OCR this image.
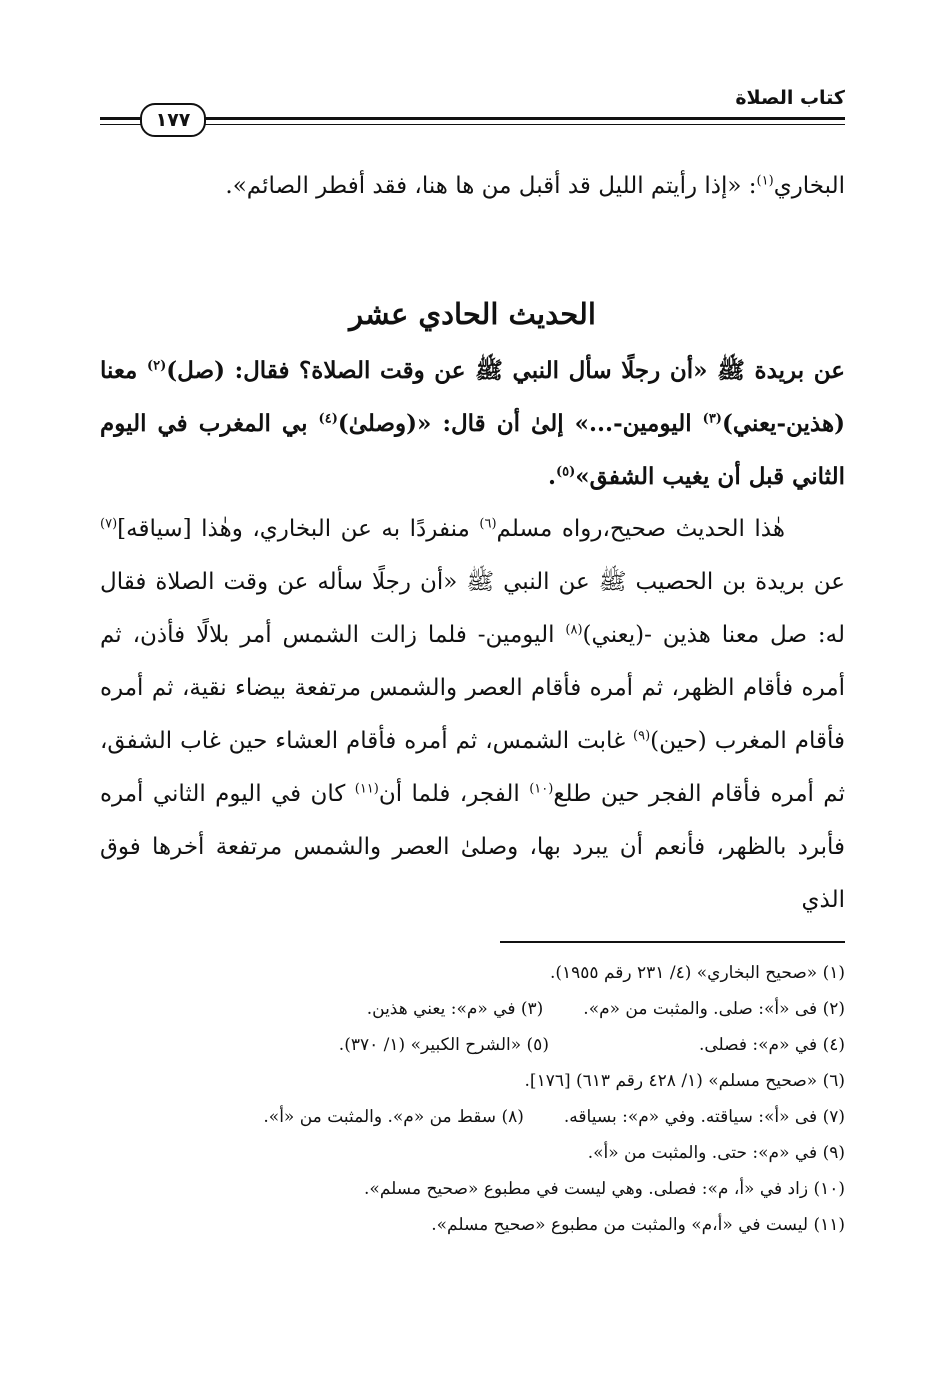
كتاب الصلاة
١٧٧
البخاري$^{(١)}$: «إذا رأيتم الليل قد أقبل من ها هنا، فقد أفطر الصائم».
الحديث الحادي عشر
عن بريدة ﷺ «أن رجلًا سأل النبي ﷺ عن وقت الصلاة؟ فقال: (صل)$^{(٢)}$ معنا (هذين-يعني)$^{(٣)}$ اليومين-...» إلىٰ أن قال: «(وصلىٰ)$^{(٤)}$ بي المغرب في اليوم الثاني قبل أن يغيب الشفق»$^{(٥)}$.
هٰذا الحديث صحيح،رواه مسلم$^{(٦)}$ منفردًا به عن البخاري، وهٰذا [سياقه]$^{(٧)}$ عن بريدة بن الحصيب ﷺ عن النبي ﷺ «أن رجلًا سأله عن وقت الصلاة فقال له: صل معنا هذين -(يعني)$^{(٨)}$ اليومين- فلما زالت الشمس أمر بلالًا فأذن، ثم أمره فأقام الظهر، ثم أمره فأقام العصر والشمس مرتفعة بيضاء نقية، ثم أمره فأقام المغرب (حين)$^{(٩)}$ غابت الشمس، ثم أمره فأقام العشاء حين غاب الشفق، ثم أمره فأقام الفجر حين طلع$^{(١٠)}$ الفجر، فلما أن$^{(١١)}$ كان في اليوم الثاني أمره فأبرد بالظهر، فأنعم أن يبرد بها، وصلىٰ العصر والشمس مرتفعة أخرها فوق الذي
(١) «صحيح البخاري» (٤/ ٢٣١ رقم ١٩٥٥).
(٢) فى «أ»: صلى. والمثبت من «م».(٣) في «م»: يعني هذين.
(٤) في «م»: فصلى.(٥) «الشرح الكبير» (١/ ٣٧٠).
(٦) «صحيح مسلم» (١/ ٤٢٨ رقم ٦١٣) [١٧٦].
(٧) فى «أ»: سياقته. وفي «م»: بسياقه.(٨) سقط من «م». والمثبت من «أ».
(٩) في «م»: حتى. والمثبت من «أ».
(١٠) زاد في «أ، م»: فصلى. وهي ليست في مطبوع «صحيح مسلم».
(١١) ليست في «أ،م» والمثبت من مطبوع «صحيح مسلم».
